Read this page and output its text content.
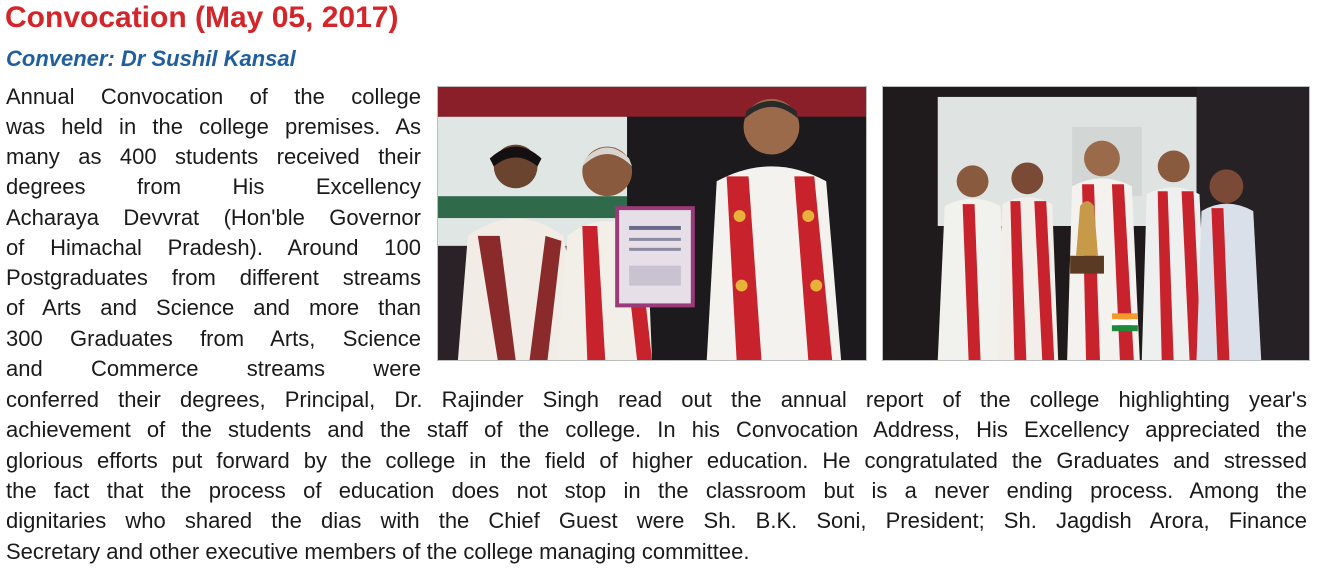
Convocation (May 05, 2017)
Convener: Dr Sushil Kansal
Annual Convocation of the college
was held in the college premises. As
many as 400 students received their
degrees from His Excellency
Acharaya Devvrat (Hon'ble Governor
of Himachal Pradesh). Around 100
Postgraduates from different streams
of Arts and Science and more than
300 Graduates from Arts, Science
and Commerce streams were
conferred their degrees, Principal, Dr. Rajinder Singh read out the annual report of the college highlighting year's
achievement of the students and the staff of the college. In his Convocation Address, His Excellency appreciated the
glorious efforts put forward by the college in the field of higher education. He congratulated the Graduates and stressed
the fact that the process of education does not stop in the classroom but is a never ending process. Among the
dignitaries who shared the dias with the Chief Guest were Sh. B.K. Soni, President; Sh. Jagdish Arora, Finance
Secretary and other executive members of the college managing committee.
